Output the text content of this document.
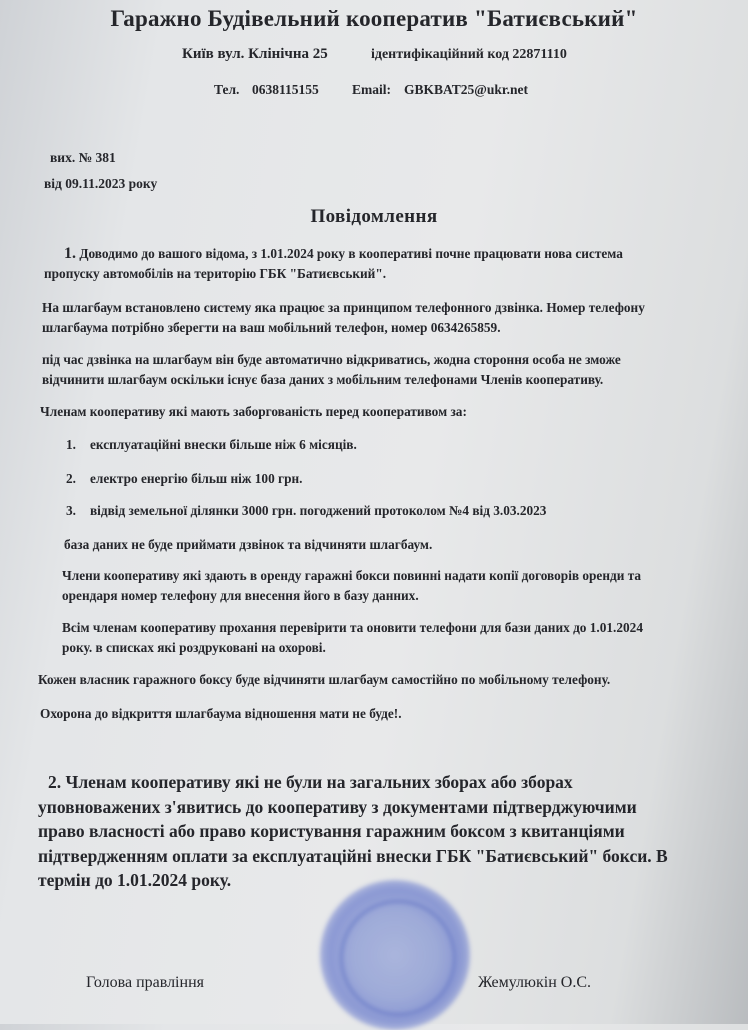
Гаражно Будівельний кооператив "Батиєвський"
Київ вул. Клінічна 25	ідентифікаційний код 22871110
Тел. 0638115155 Email: GBKBAT25@ukr.net
вих. № 381
від 09.11.2023 року
Повідомлення
1. Доводимо до вашого відома, з 1.01.2024 року в кооперативі почне працювати нова система
пропуску автомобілів на територію ГБК "Батиєвський".
На шлагбаум встановлено систему яка працює за принципом телефонного дзвінка. Номер телефону
шлагбаума потрібно зберегти на ваш мобільний телефон, номер 0634265859.
під час дзвінка на шлагбаум він буде автоматично відкриватись, жодна стороння особа не зможе
відчинити шлагбаум оскільки існує база даних з мобільним телефонами Членів кооперативу.
Членам кооперативу які мають заборгованість перед кооперативом за:
1. експлуатаційні внески більше ніж 6 місяців.
2. електро енергію більш ніж 100 грн.
3. відвід земельної ділянки 3000 грн. погоджений протоколом №4 від 3.03.2023
база даних не буде приймати дзвінок та відчиняти шлагбаум.
Члени кооперативу які здають в оренду гаражні бокси повинні надати копії договорів оренди та
орендаря номер телефону для внесення його в базу данних.
Всім членам кооперативу прохання перевірити та оновити телефони для бази даних до 1.01.2024
року. в списках які роздруковані на охорові.
Кожен власник гаражного боксу буде відчиняти шлагбаум самостійно по мобільному телефону.
Охорона до відкриття шлагбаума відношення мати не буде!.
2. Членам кооперативу які не були на загальних зборах або зборах
уповноважених з'явитись до кооперативу з документами підтверджуючими
право власності або право користування гаражним боксом з квитанціями
підтвердженням оплати за експлуатаційні внески ГБК "Батиєвський" бокси. В
термін до 1.01.2024 року.
Голова правління	Жемулюкін О.С.
